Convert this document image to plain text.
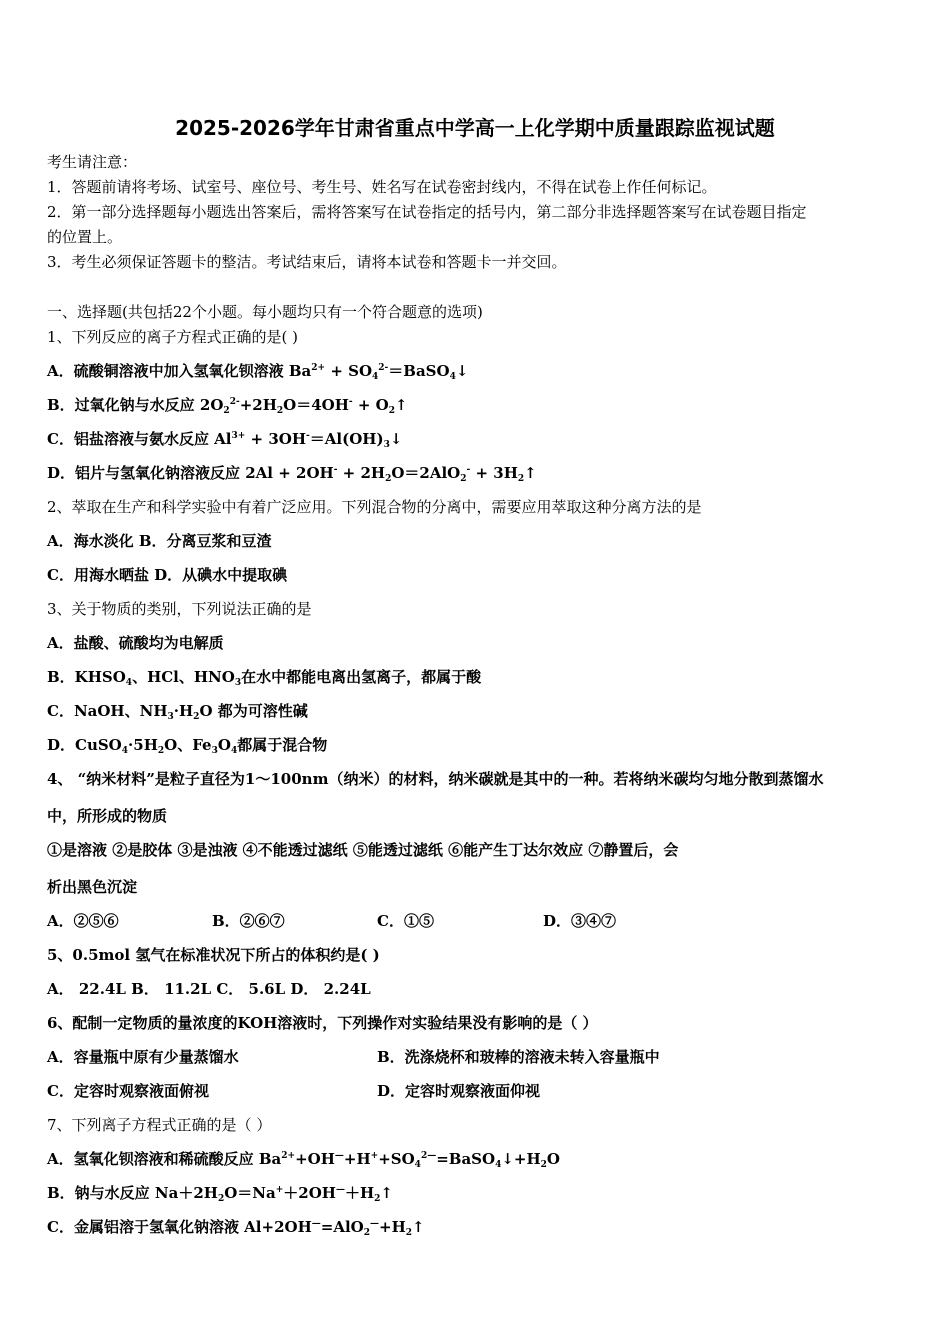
2025-2026学年甘肃省重点中学高一上化学期中质量跟踪监视试题
考生请注意：
1．答题前请将考场、试室号、座位号、考生号、姓名写在试卷密封线内，不得在试卷上作任何标记。
2．第一部分选择题每小题选出答案后，需将答案写在试卷指定的括号内，第二部分非选择题答案写在试卷题目指定
的位置上。
3．考生必须保证答题卡的整洁。考试结束后，请将本试卷和答题卡一并交回。
一、选择题(共包括22个小题。每小题均只有一个符合题意的选项)
1、下列反应的离子方程式正确的是( )
A．硫酸铜溶液中加入氢氧化钡溶液 $Ba^{2+}$ + $SO_4^{2-}=BaSO_4↓$
B．过氧化钠与水反应 $2O_2^{2-}+2H_2O=4OH^-$ + $O_2↑$
C．铝盐溶液与氨水反应 $Al^{3+}$ + $3OH^-=Al(OH)_3↓$
D．铝片与氢氧化钠溶液反应 $2Al + 2OH^- + 2H_2O=2AlO_2^-$ + $3H_2↑$
2、萃取在生产和科学实验中有着广泛应用。下列混合物的分离中，需要应用萃取这种分离方法的是
A．海水淡化 B．分离豆浆和豆渣
C．用海水晒盐 D．从碘水中提取碘
3、关于物质的类别，下列说法正确的是
A．盐酸、硫酸均为电解质
B．$KHSO_4$、HCl、$HNO_3$在水中都能电离出氢离子，都属于酸
C．NaOH、$NH_3\cdot H_2O$ 都为可溶性碱
D．$CuSO_4\cdot 5H_2O$、$Fe_3O_4$都属于混合物
4、 “纳米材料”是粒子直径为1～100nm（纳米）的材料，纳米碳就是其中的一种。若将纳米碳均匀地分散到蒸馏水
中，所形成的物质
①是溶液 ②是胶体 ③是浊液 ④不能透过滤纸 ⑤能透过滤纸 ⑥能产生丁达尔效应 ⑦静置后，会
析出黑色沉淀
A．②⑤⑥	B．②⑥⑦	C．①⑤	D．③④⑦
5、0.5mol 氢气在标准状况下所占的体积约是( )
A． 22.4L B． 11.2L C． 5.6L D． 2.24L
6、配制一定物质的量浓度的KOH溶液时，下列操作对实验结果没有影响的是（ ）
A．容量瓶中原有少量蒸馏水	B．洗涤烧杯和玻棒的溶液未转入容量瓶中
C．定容时观察液面俯视	D．定容时观察液面仰视
7、下列离子方程式正确的是（ ）
A．氢氧化钡溶液和稀硫酸反应 $Ba^{2+}+OH^—+H^++SO_4^{2—}=BaSO_4↓+H_2O$
B．钠与水反应 $Na+2H_2O=Na^++2OH^—+H_2↑$
C．金属铝溶于氢氧化钠溶液 $Al+2OH^—=AlO_2^—+H_2↑$
